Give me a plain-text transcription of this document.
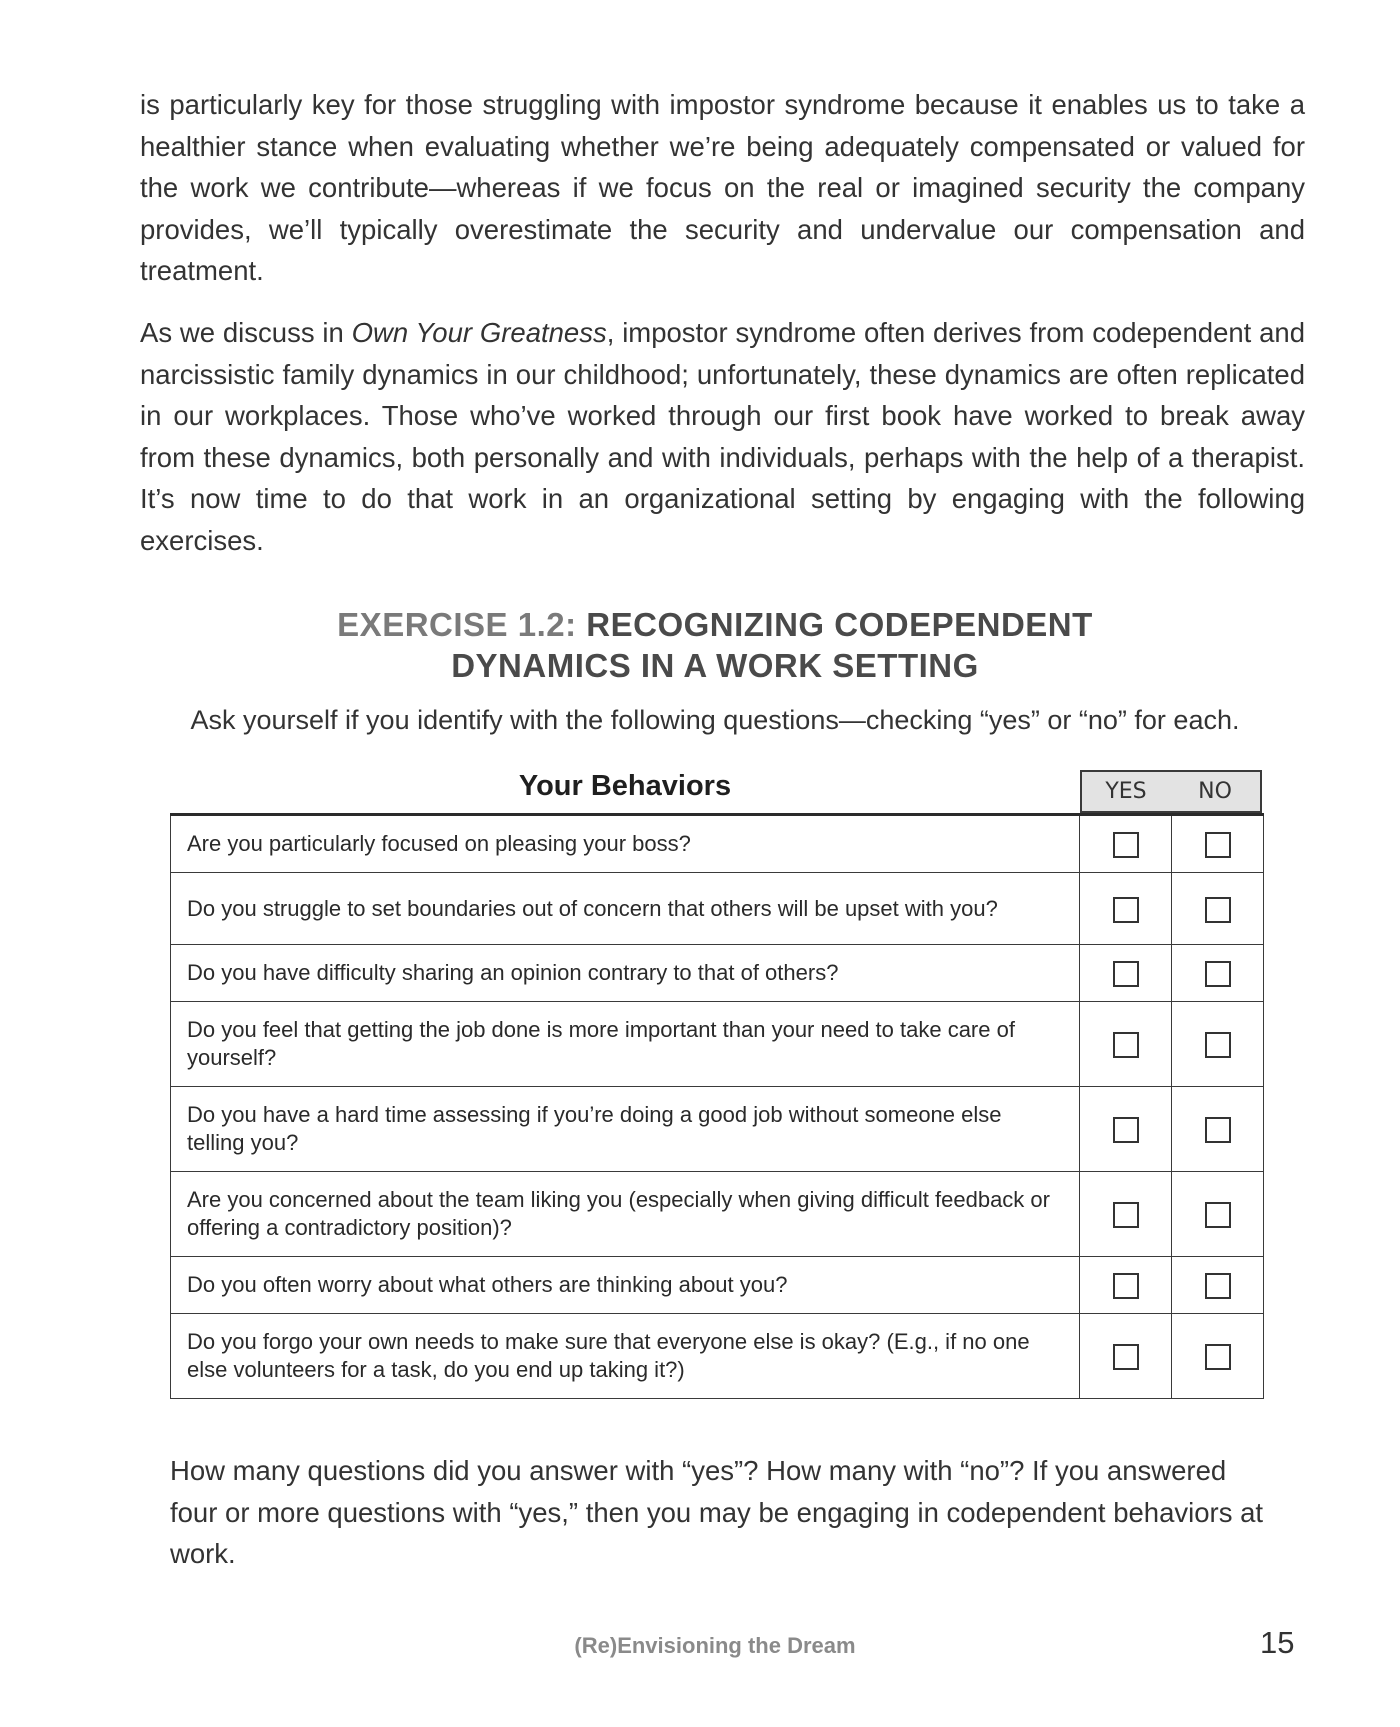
is particularly key for those struggling with impostor syndrome because it enables us to take a healthier stance when evaluating whether we’re being adequately compensated or valued for the work we contribute—whereas if we focus on the real or imagined security the company provides, we’ll typically overestimate the security and undervalue our compensation and treatment.

As we discuss in Own Your Greatness, impostor syndrome often derives from codependent and narcissistic family dynamics in our childhood; unfortunately, these dynamics are often replicated in our workplaces. Those who’ve worked through our first book have worked to break away from these dynamics, both personally and with individuals, perhaps with the help of a therapist. It’s now time to do that work in an organizational setting by engaging with the following exercises.

EXERCISE 1.2: RECOGNIZING CODEPENDENT
DYNAMICS IN A WORK SETTING
Ask yourself if you identify with the following questions—checking “yes” or “no” for each.
Your Behaviors	YES	NO
Are you particularly focused on pleasing your boss?		
Do you struggle to set boundaries out of concern that others will be upset with you?		
Do you have difficulty sharing an opinion contrary to that of others?		
Do you feel that getting the job done is more important than your need to take care of yourself?		
Do you have a hard time assessing if you’re doing a good job without someone else telling you?		
Are you concerned about the team liking you (especially when giving difficult feedback or offering a contradictory position)?		
Do you often worry about what others are thinking about you?		
Do you forgo your own needs to make sure that everyone else is okay? (E.g., if no one else volunteers for a task, do you end up taking it?)		

How many questions did you answer with “yes”? How many with “no”? If you answered four or more questions with “yes,” then you may be engaging in codependent behaviors at work.

(Re)Envisioning the Dream	15
